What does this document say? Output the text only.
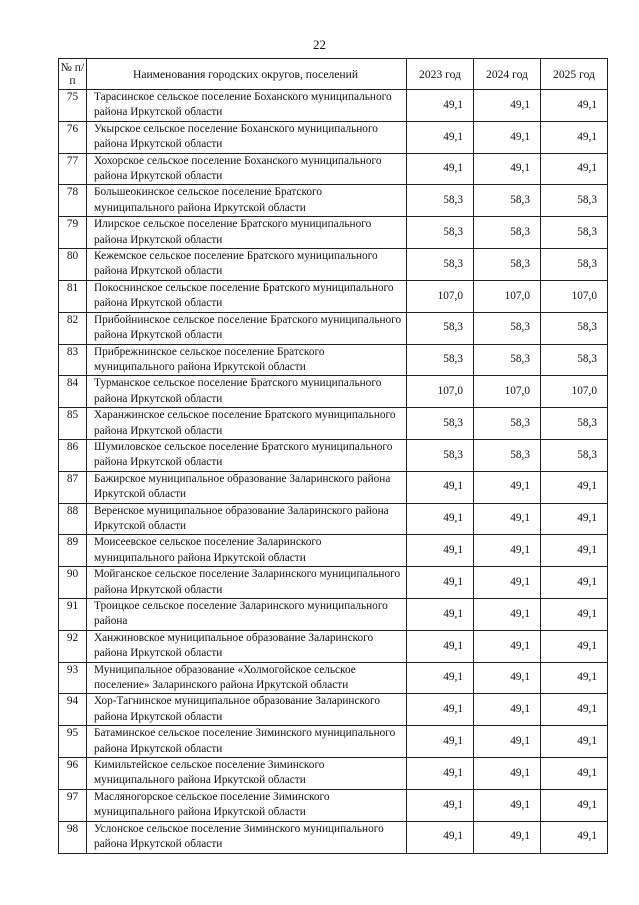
22
№ п/п	Наименования городских округов, поселений	2023 год	2024 год	2025 год
75	Тарасинское сельское поселение Боханского муниципального района Иркутской области	49,1	49,1	49,1
76	Укырское сельское поселение Боханского муниципального района Иркутской области	49,1	49,1	49,1
77	Хохорское сельское поселение Боханского муниципального района Иркутской области	49,1	49,1	49,1
78	Большеокинское сельское поселение Братского муниципального района Иркутской области	58,3	58,3	58,3
79	Илирское сельское поселение Братского муниципального района Иркутской области	58,3	58,3	58,3
80	Кежемское сельское поселение Братского муниципального района Иркутской области	58,3	58,3	58,3
81	Покоснинское сельское поселение Братского муниципального района Иркутской области	107,0	107,0	107,0
82	Прибойнинское сельское поселение Братского муниципального района Иркутской области	58,3	58,3	58,3
83	Прибрежнинское сельское поселение Братского муниципального района Иркутской области	58,3	58,3	58,3
84	Турманское сельское поселение Братского муниципального района Иркутской области	107,0	107,0	107,0
85	Харанжинское сельское поселение Братского муниципального района Иркутской области	58,3	58,3	58,3
86	Шумиловское сельское поселение Братского муниципального района Иркутской области	58,3	58,3	58,3
87	Бажирское муниципальное образование Заларинского района Иркутской области	49,1	49,1	49,1
88	Веренское муниципальное образование Заларинского района Иркутской области	49,1	49,1	49,1
89	Моисеевское сельское поселение Заларинского муниципального района Иркутской области	49,1	49,1	49,1
90	Мойганское сельское поселение Заларинского муниципального района Иркутской области	49,1	49,1	49,1
91	Троицкое сельское поселение Заларинского муниципального района	49,1	49,1	49,1
92	Ханжиновское муниципальное образование Заларинского района Иркутской области	49,1	49,1	49,1
93	Муниципальное образование «Холмогойское сельское поселение» Заларинского района Иркутской области	49,1	49,1	49,1
94	Хор-Тагнинское муниципальное образование Заларинского района Иркутской области	49,1	49,1	49,1
95	Батаминское сельское поселение Зиминского муниципального района Иркутской области	49,1	49,1	49,1
96	Кимильтейское сельское поселение Зиминского муниципального района Иркутской области	49,1	49,1	49,1
97	Масляногорское сельское поселение Зиминского муниципального района Иркутской области	49,1	49,1	49,1
98	Услонское сельское поселение Зиминского муниципального района Иркутской области	49,1	49,1	49,1
